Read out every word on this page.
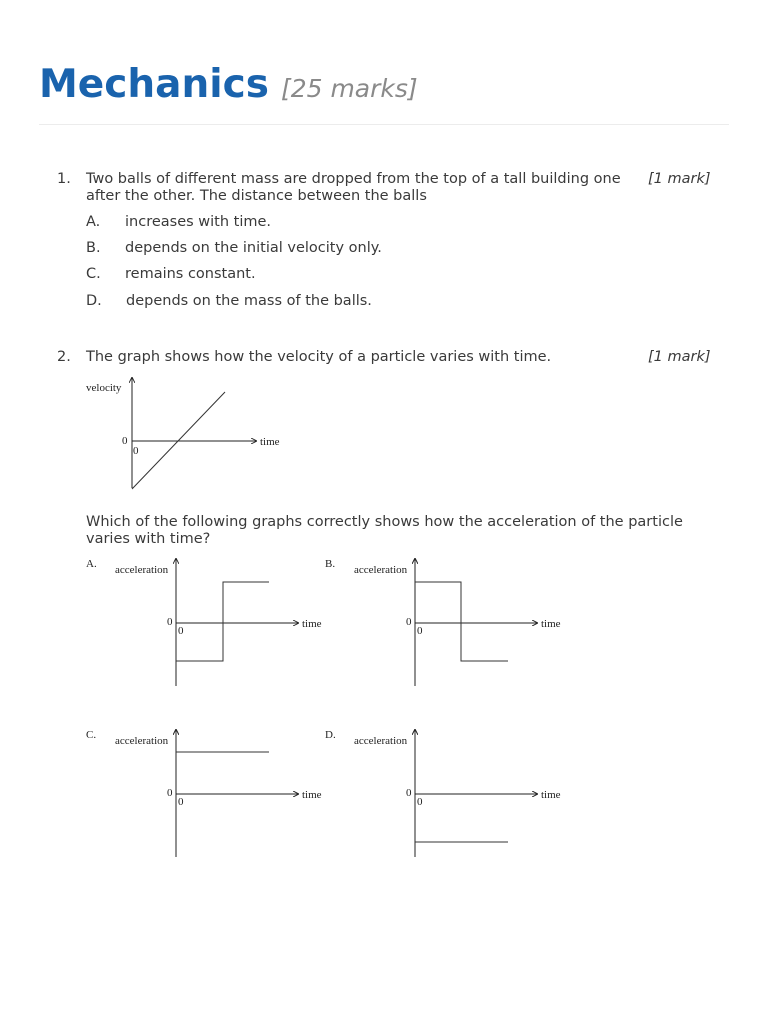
Mechanics [25 marks]
1. Two balls of different mass are dropped from the top of a tall building one after the other. The distance between the balls
[1 mark]
A. increases with time.
B. depends on the initial velocity only.
C. remains constant.
D. depends on the mass of the balls.
2. The graph shows how the velocity of a particle varies with time.	[1 mark]
velocity
time
0
0
Which of the following graphs correctly shows how the acceleration of the particle varies with time?
A. acceleration
time
0
0
B. acceleration
time
0
0
C. acceleration
time
0
0
D. acceleration
time
0
0
